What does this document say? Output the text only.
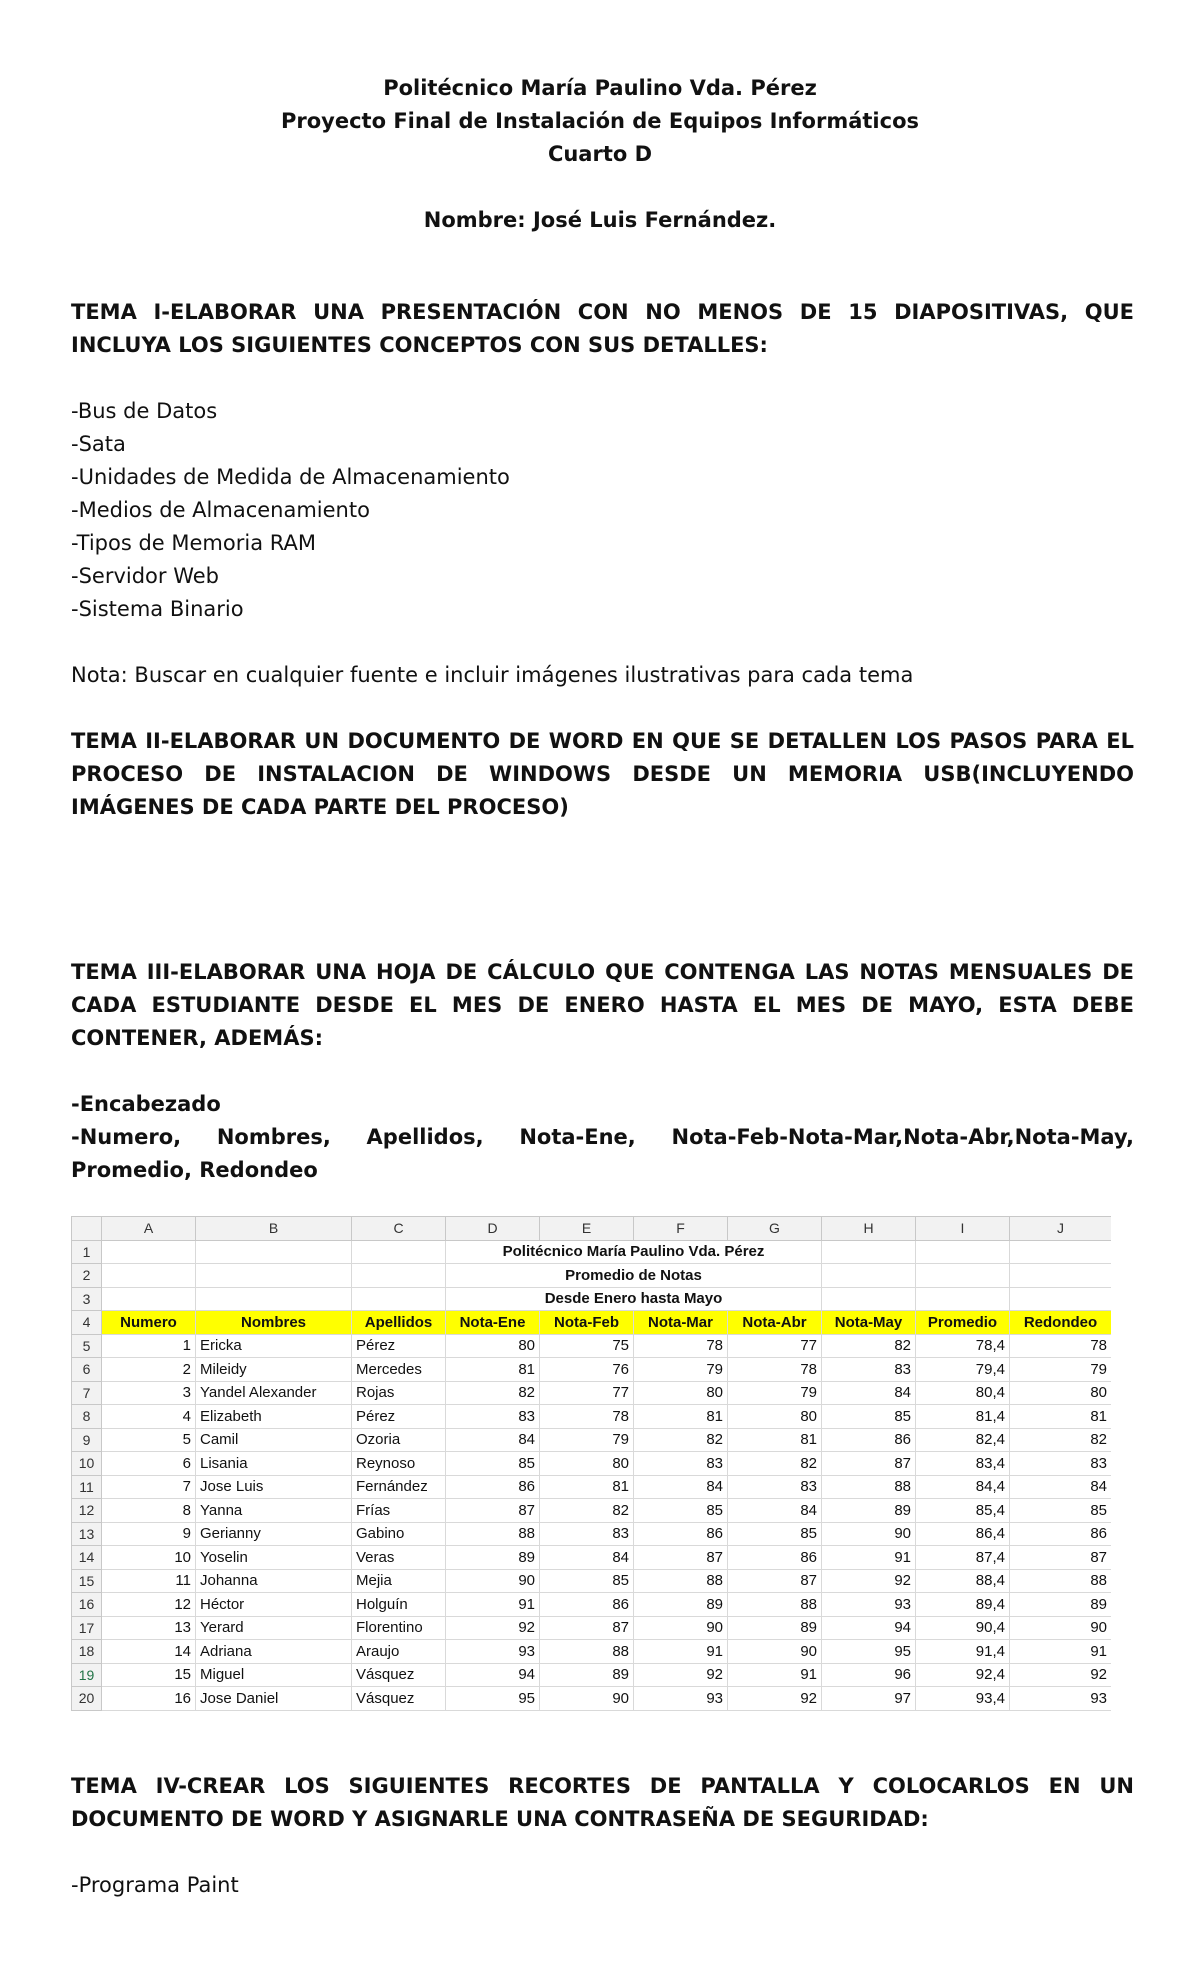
Politécnico María Paulino Vda. Pérez
Proyecto Final de Instalación de Equipos Informáticos
Cuarto D
Nombre: José Luis Fernández.
TEMA I-ELABORAR UNA PRESENTACIÓN CON NO MENOS DE 15 DIAPOSITIVAS, QUE INCLUYA LOS SIGUIENTES CONCEPTOS CON SUS DETALLES:
-Bus de Datos
-Sata
-Unidades de Medida de Almacenamiento
-Medios de Almacenamiento
-Tipos de Memoria RAM
-Servidor Web
-Sistema Binario
Nota: Buscar en cualquier fuente e incluir imágenes ilustrativas para cada tema
TEMA II-ELABORAR UN DOCUMENTO DE WORD EN QUE SE DETALLEN LOS PASOS PARA EL PROCESO DE INSTALACION DE WINDOWS DESDE UN MEMORIA USB(INCLUYENDO IMÁGENES DE CADA PARTE DEL PROCESO)
TEMA III-ELABORAR UNA HOJA DE CÁLCULO QUE CONTENGA LAS NOTAS MENSUALES DE CADA ESTUDIANTE DESDE EL MES DE ENERO HASTA EL MES DE MAYO, ESTA DEBE CONTENER, ADEMÁS:
-Encabezado
-Numero, Nombres, Apellidos, Nota-Ene, Nota-Feb-Nota-Mar,Nota-Abr,Nota-May, Promedio, Redondeo
	A	B	C	D	E	F	G	H	I	J
1				Politécnico María Paulino Vda. Pérez						
2				Promedio de Notas						
3				Desde Enero hasta Mayo						
4	Numero	Nombres	Apellidos	Nota-Ene	Nota-Feb	Nota-Mar	Nota-Abr	Nota-May	Promedio	Redondeo
5	1	Ericka	Pérez	80	75	78	77	82	78,4	78
6	2	Mileidy	Mercedes	81	76	79	78	83	79,4	79
7	3	Yandel Alexander	Rojas	82	77	80	79	84	80,4	80
8	4	Elizabeth	Pérez	83	78	81	80	85	81,4	81
9	5	Camil	Ozoria	84	79	82	81	86	82,4	82
10	6	Lisania	Reynoso	85	80	83	82	87	83,4	83
11	7	Jose Luis	Fernández	86	81	84	83	88	84,4	84
12	8	Yanna	Frías	87	82	85	84	89	85,4	85
13	9	Gerianny	Gabino	88	83	86	85	90	86,4	86
14	10	Yoselin	Veras	89	84	87	86	91	87,4	87
15	11	Johanna	Mejia	90	85	88	87	92	88,4	88
16	12	Héctor	Holguín	91	86	89	88	93	89,4	89
17	13	Yerard	Florentino	92	87	90	89	94	90,4	90
18	14	Adriana	Araujo	93	88	91	90	95	91,4	91
19	15	Miguel	Vásquez	94	89	92	91	96	92,4	92
20	16	Jose Daniel	Vásquez	95	90	93	92	97	93,4	93
TEMA IV-CREAR LOS SIGUIENTES RECORTES DE PANTALLA Y COLOCARLOS EN UN DOCUMENTO DE WORD Y ASIGNARLE UNA CONTRASEÑA DE SEGURIDAD:
-Programa Paint
